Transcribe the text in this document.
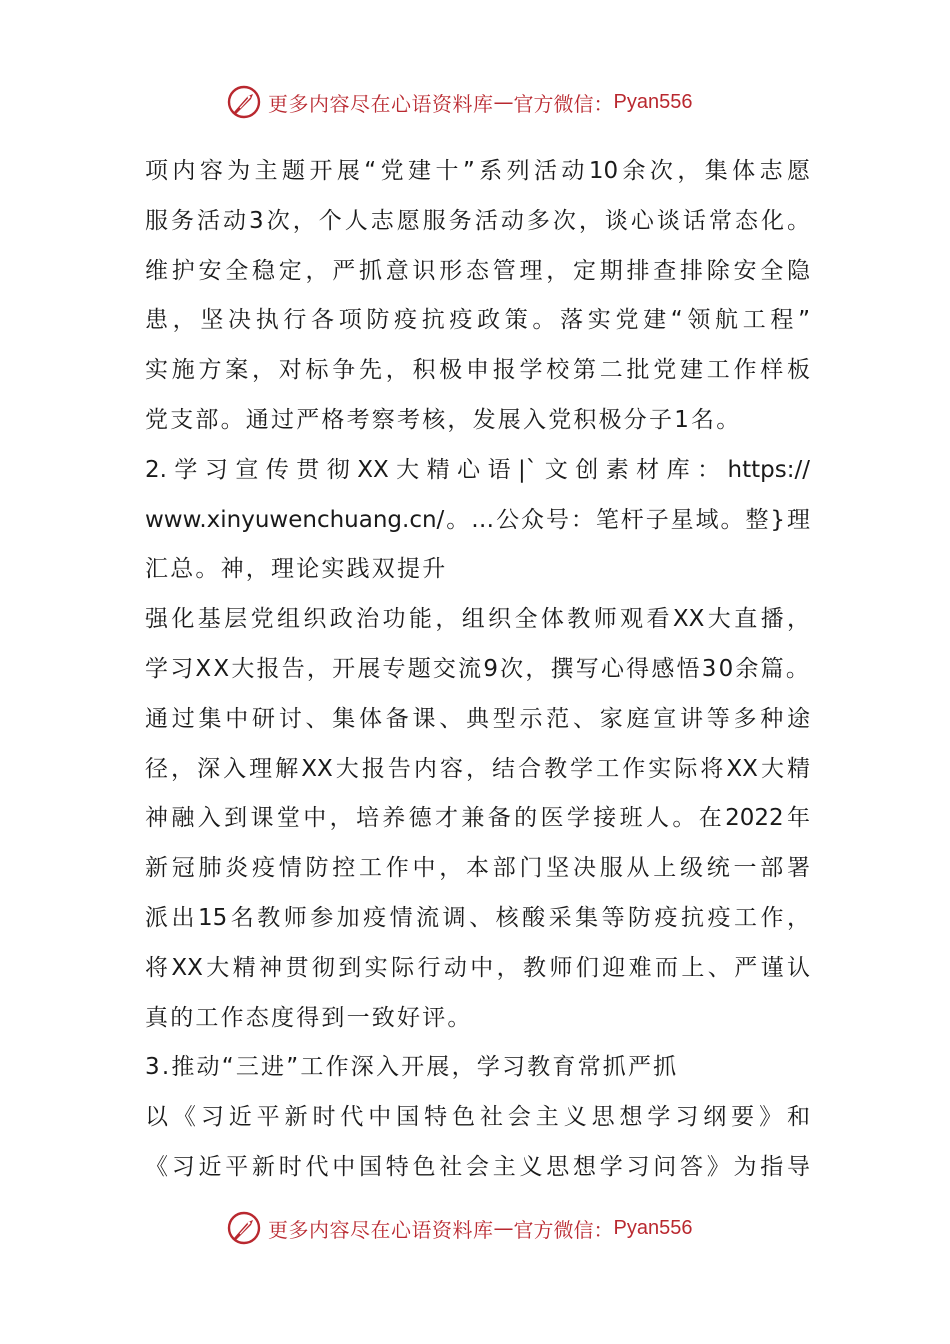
更多内容尽在心语资料库 — 官方微信： Pyan556
项内容为主题开展“党建十”系列活动10余次，集体志愿
服务活动3次，个人志愿服务活动多次，谈心谈话常态化。
维护安全稳定，严抓意识形态管理，定期排查排除安全隐
患，坚决执行各项防疫抗疫政策。落实党建“领航工程”
实施方案，对标争先，积极申报学校第二批党建工作样板
党支部。通过严格考察考核，发展入党积极分子1名。
2.学习宣传贯彻XX大精心语|`文创素材库：https://
www.xinyuwenchuang.cn/。…公众号：笔杆子星域。整}理
汇总。神，理论实践双提升
强化基层党组织政治功能，组织全体教师观看XX大直播，
学习XX大报告，开展专题交流9次，撰写心得感悟30余篇。
通过集中研讨、集体备课、典型示范、家庭宣讲等多种途
径，深入理解XX大报告内容，结合教学工作实际将XX大精
神融入到课堂中，培养德才兼备的医学接班人。在2022年
新冠肺炎疫情防控工作中，本部门坚决服从上级统一部署
派出15名教师参加疫情流调、核酸采集等防疫抗疫工作，
将XX大精神贯彻到实际行动中，教师们迎难而上、严谨认
真的工作态度得到一致好评。
3.推动“三进”工作深入开展，学习教育常抓严抓
以《习近平新时代中国特色社会主义思想学习纲要》和
《习近平新时代中国特色社会主义思想学习问答》为指导
更多内容尽在心语资料库 — 官方微信： Pyan556
